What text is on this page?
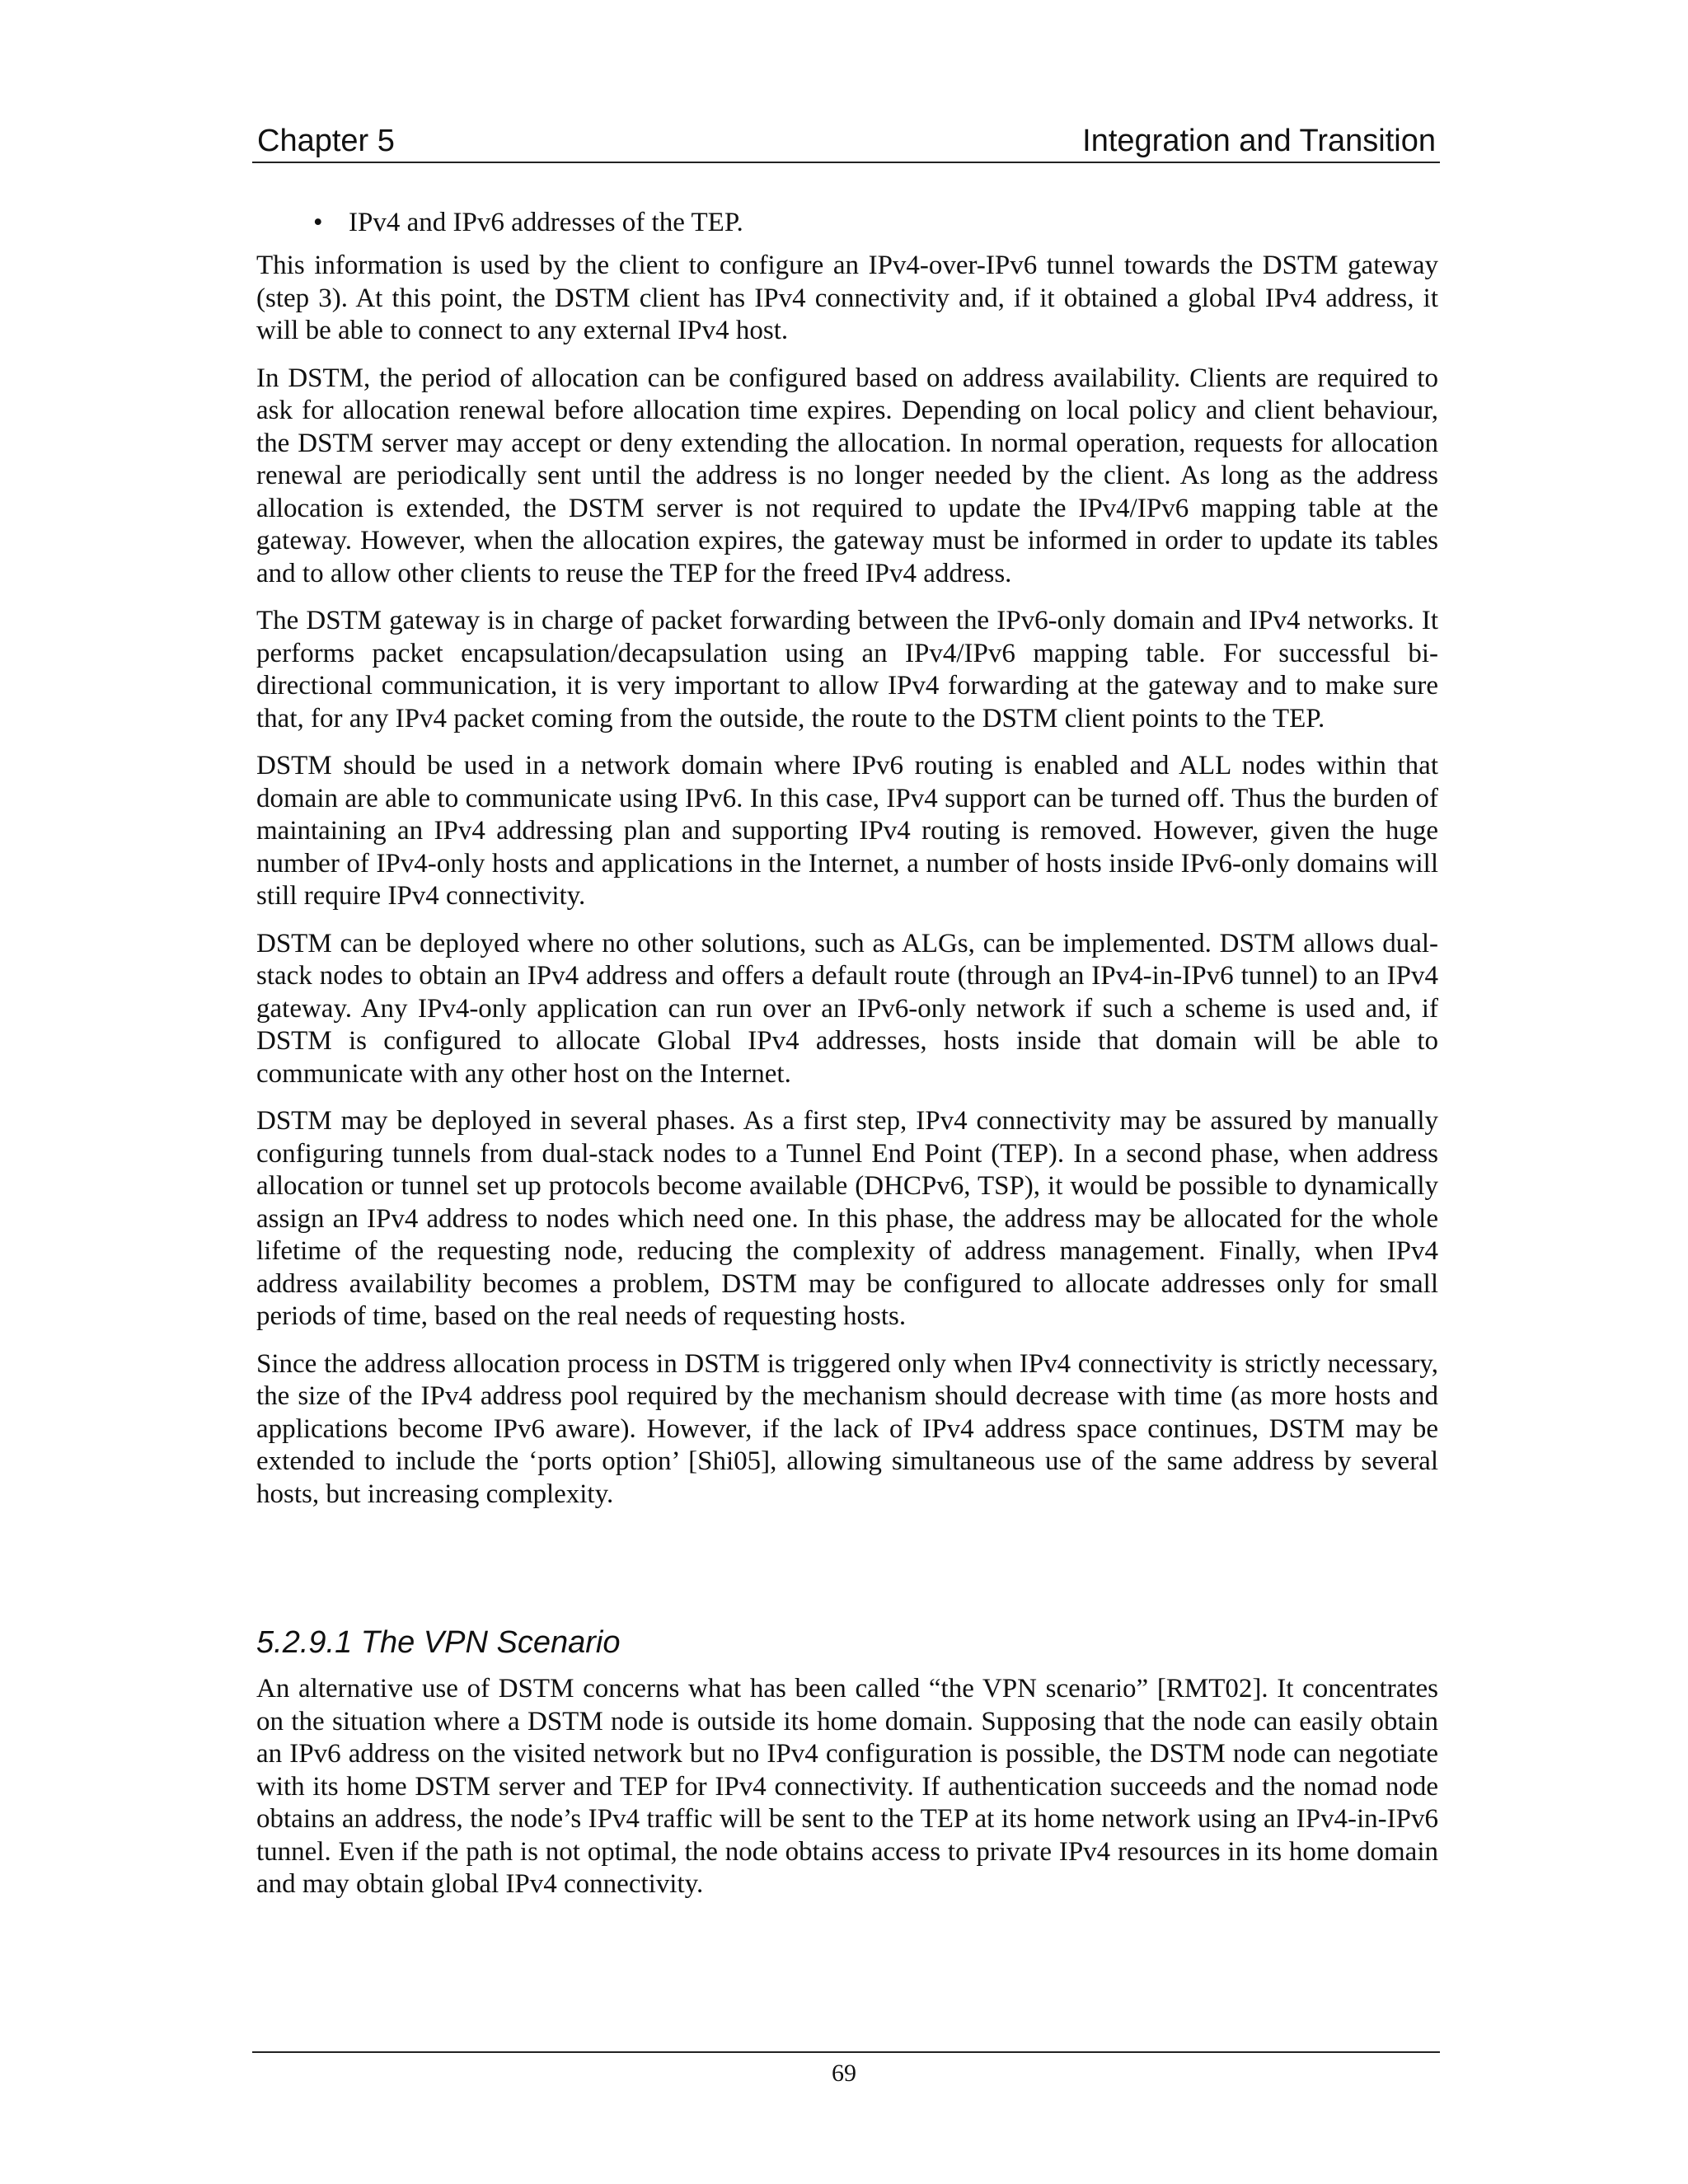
Chapter 5	Integration and Transition
• IPv4 and IPv6 addresses of the TEP.

This information is used by the client to configure an IPv4-over-IPv6 tunnel towards the DSTM gateway (step 3). At this point, the DSTM client has IPv4 connectivity and, if it obtained a global IPv4 address, it will be able to connect to any external IPv4 host.

In DSTM, the period of allocation can be configured based on address availability. Clients are required to ask for allocation renewal before allocation time expires. Depending on local policy and client behaviour, the DSTM server may accept or deny extending the allocation. In normal operation, requests for allocation renewal are periodically sent until the address is no longer needed by the client. As long as the address allocation is extended, the DSTM server is not required to update the IPv4/IPv6 mapping table at the gateway. However, when the allocation expires, the gateway must be informed in order to update its tables and to allow other clients to reuse the TEP for the freed IPv4 address.

The DSTM gateway is in charge of packet forwarding between the IPv6-only domain and IPv4 networks. It performs packet encapsulation/decapsulation using an IPv4/IPv6 mapping table. For successful bi-directional communication, it is very important to allow IPv4 forwarding at the gateway and to make sure that, for any IPv4 packet coming from the outside, the route to the DSTM client points to the TEP.

DSTM should be used in a network domain where IPv6 routing is enabled and ALL nodes within that domain are able to communicate using IPv6. In this case, IPv4 support can be turned off. Thus the burden of maintaining an IPv4 addressing plan and supporting IPv4 routing is removed. However, given the huge number of IPv4-only hosts and applications in the Internet, a number of hosts inside IPv6-only domains will still require IPv4 connectivity.

DSTM can be deployed where no other solutions, such as ALGs, can be implemented. DSTM allows dual-stack nodes to obtain an IPv4 address and offers a default route (through an IPv4-in-IPv6 tunnel) to an IPv4 gateway. Any IPv4-only application can run over an IPv6-only network if such a scheme is used and, if DSTM is configured to allocate Global IPv4 addresses, hosts inside that domain will be able to communicate with any other host on the Internet.

DSTM may be deployed in several phases. As a first step, IPv4 connectivity may be assured by manually configuring tunnels from dual-stack nodes to a Tunnel End Point (TEP). In a second phase, when address allocation or tunnel set up protocols become available (DHCPv6, TSP), it would be possible to dynamically assign an IPv4 address to nodes which need one. In this phase, the address may be allocated for the whole lifetime of the requesting node, reducing the complexity of address management. Finally, when IPv4 address availability becomes a problem, DSTM may be configured to allocate addresses only for small periods of time, based on the real needs of requesting hosts.

Since the address allocation process in DSTM is triggered only when IPv4 connectivity is strictly necessary, the size of the IPv4 address pool required by the mechanism should decrease with time (as more hosts and applications become IPv6 aware). However, if the lack of IPv4 address space continues, DSTM may be extended to include the ‘ports option’ [Shi05], allowing simultaneous use of the same address by several hosts, but increasing complexity.

5.2.9.1 The VPN Scenario

An alternative use of DSTM concerns what has been called “the VPN scenario” [RMT02]. It concentrates on the situation where a DSTM node is outside its home domain. Supposing that the node can easily obtain an IPv6 address on the visited network but no IPv4 configuration is possible, the DSTM node can negotiate with its home DSTM server and TEP for IPv4 connectivity. If authentication succeeds and the nomad node obtains an address, the node’s IPv4 traffic will be sent to the TEP at its home network using an IPv4-in-IPv6 tunnel. Even if the path is not optimal, the node obtains access to private IPv4 resources in its home domain and may obtain global IPv4 connectivity.

69
